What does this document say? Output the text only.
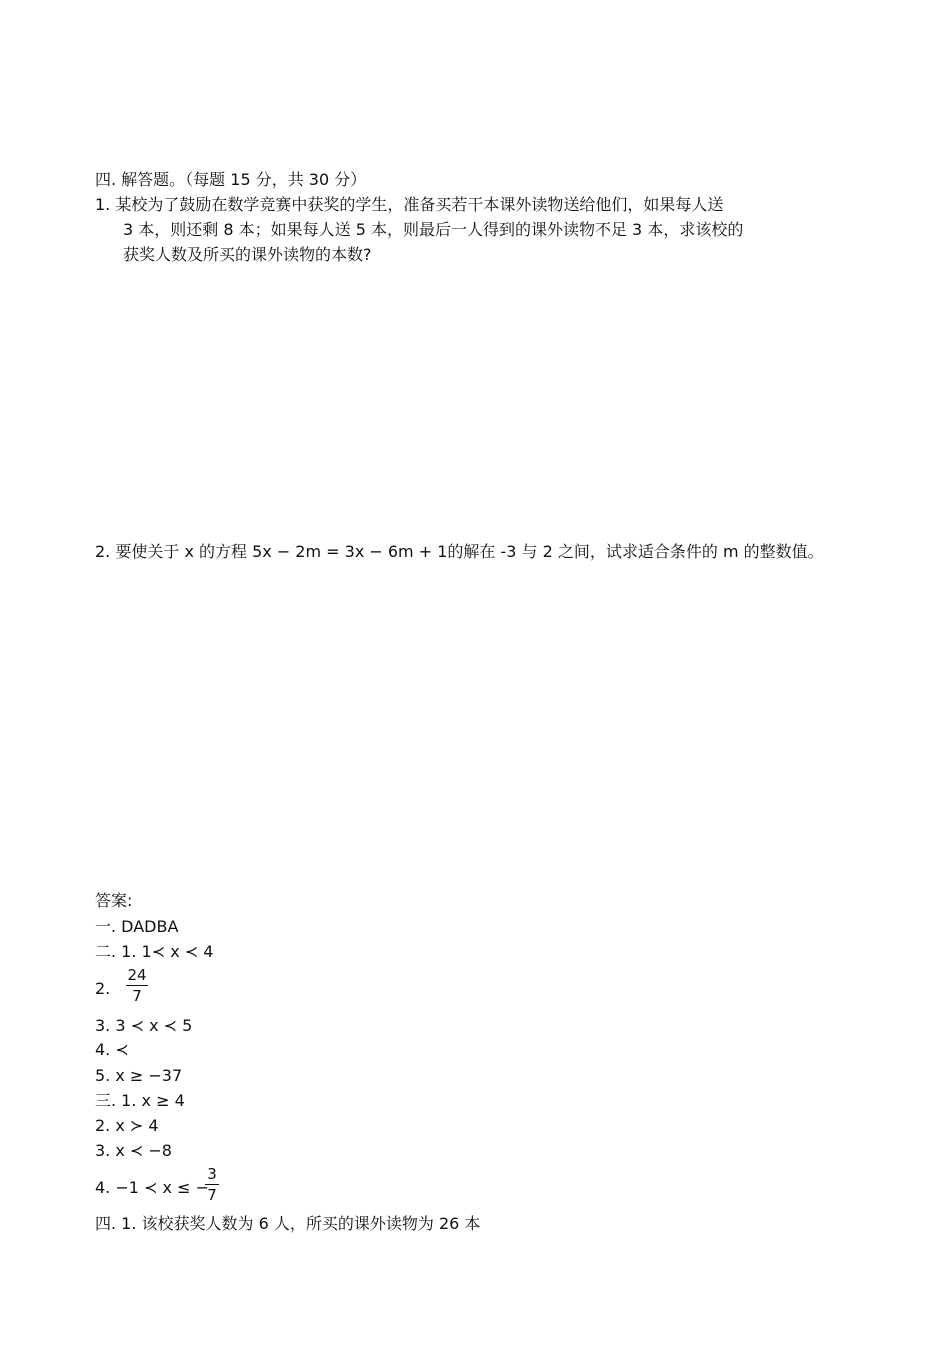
四. 解答题。（每题 15 分，共 30 分）
1. 某校为了鼓励在数学竞赛中获奖的学生，准备买若干本课外读物送给他们，如果每人送
3 本，则还剩 8 本；如果每人送 5 本，则最后一人得到的课外读物不足 3 本，求该校的
获奖人数及所买的课外读物的本数?
2. 要使关于 x 的方程 5x − 2m = 3x − 6m + 1的解在 -3 与 2 之间，试求适合条件的 m 的整数值。
答案:
一. DADBA
二. 1. 1≺ x ≺ 4
2.
24
7
3. 3 ≺ x ≺ 5
4. ≺
5. x ≥ −37
三. 1. x ≥ 4
2. x ≻ 4
3. x ≺ −8
4. −1 ≺ x ≤ −
3
7
四. 1. 该校获奖人数为 6 人，所买的课外读物为 26 本
